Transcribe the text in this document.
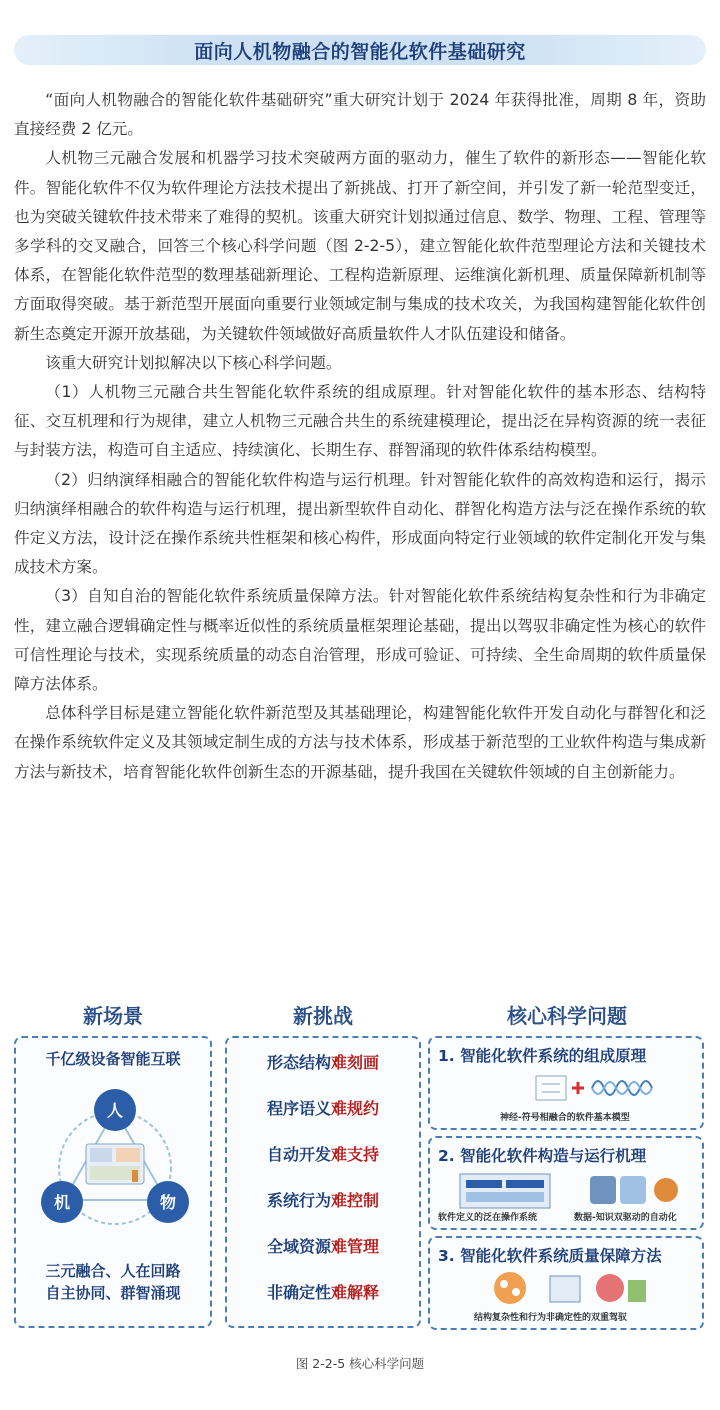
面向人机物融合的智能化软件基础研究

“面向人机物融合的智能化软件基础研究”重大研究计划于 2024 年获得批准，周期 8 年，资助直接经费 2 亿元。

人机物三元融合发展和机器学习技术突破两方面的驱动力，催生了软件的新形态——智能化软件。智能化软件不仅为软件理论方法技术提出了新挑战、打开了新空间，并引发了新一轮范型变迁，也为突破关键软件技术带来了难得的契机。该重大研究计划拟通过信息、数学、物理、工程、管理等多学科的交叉融合，回答三个核心科学问题（图 2-2-5），建立智能化软件范型理论方法和关键技术体系，在智能化软件范型的数理基础新理论、工程构造新原理、运维演化新机理、质量保障新机制等方面取得突破。基于新范型开展面向重要行业领域定制与集成的技术攻关，为我国构建智能化软件创新生态奠定开源开放基础，为关键软件领域做好高质量软件人才队伍建设和储备。

该重大研究计划拟解决以下核心科学问题。

（1）人机物三元融合共生智能化软件系统的组成原理。针对智能化软件的基本形态、结构特征、交互机理和行为规律，建立人机物三元融合共生的系统建模理论，提出泛在异构资源的统一表征与封装方法，构造可自主适应、持续演化、长期生存、群智涌现的软件体系结构模型。

（2）归纳演绎相融合的智能化软件构造与运行机理。针对智能化软件的高效构造和运行，揭示归纳演绎相融合的软件构造与运行机理，提出新型软件自动化、群智化构造方法与泛在操作系统的软件定义方法，设计泛在操作系统共性框架和核心构件，形成面向特定行业领域的软件定制化开发与集成技术方案。

（3）自知自治的智能化软件系统质量保障方法。针对智能化软件系统结构复杂性和行为非确定性，建立融合逻辑确定性与概率近似性的系统质量框架理论基础，提出以驾驭非确定性为核心的软件可信性理论与技术，实现系统质量的动态自治管理，形成可验证、可持续、全生命周期的软件质量保障方法体系。

总体科学目标是建立智能化软件新范型及其基础理论，构建智能化软件开发自动化与群智化和泛在操作系统软件定义及其领域定制生成的方法与技术体系，形成基于新范型的工业软件构造与集成新方法与新技术，培育智能化软件创新生态的开源基础，提升我国在关键软件领域的自主创新能力。

新场景	新挑战	核心科学问题
千亿级设备智能互联
人
机	物
三元融合、人在回路
自主协同、群智涌现
形态结构难刻画
程序语义难规约
自动开发难支持
系统行为难控制
全域资源难管理
非确定性难解释
1. 智能化软件系统的组成原理
神经-符号相融合的软件基本模型
2. 智能化软件构造与运行机理
软件定义的泛在操作系统	数据-知识双驱动的自动化
3. 智能化软件系统质量保障方法
结构复杂性和行为非确定性的双重驾驭
图 2-2-5 核心科学问题
